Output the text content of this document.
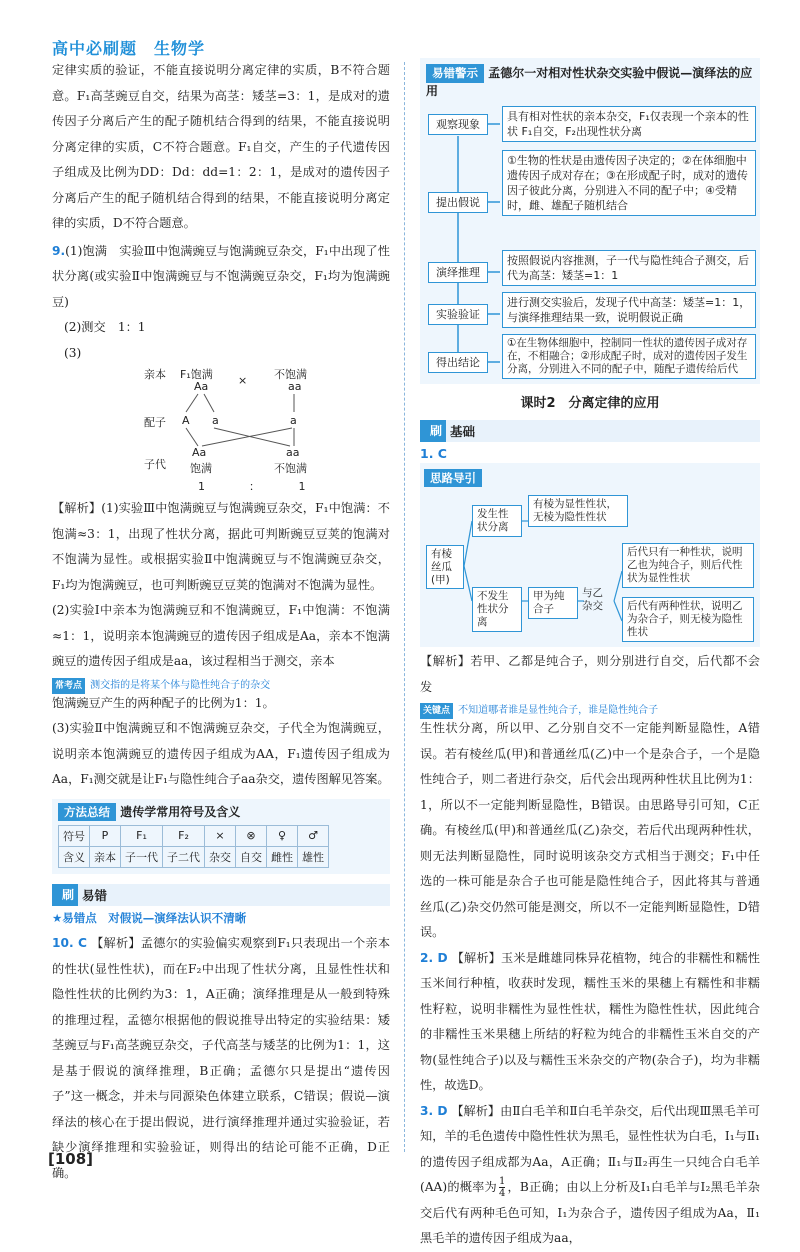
高中必刷题　生物学

定律实质的验证，不能直接说明分离定律的实质，B不符合题意。F₁高茎豌豆自交，结果为高茎：矮茎=3：1，是成对的遗传因子分离后产生的配子随机结合得到的结果，不能直接说明分离定律的实质，C不符合题意。F₁自交，产生的子代遗传因子组成及比例为DD：Dd：dd=1：2：1，是成对的遗传因子分离后产生的配子随机结合得到的结果，不能直接说明分离定律的实质，D不符合题意。

9.(1)饱满　实验Ⅲ中饱满豌豆与饱满豌豆杂交，F₁中出现了性状分离(或实验Ⅱ中饱满豌豆与不饱满豌豆杂交，F₁均为饱满豌豆)

(2)测交　1：1

(3)

亲本 F₁饱满
Aa	× 不饱满
aa
配子 A a	a
子代
Aa
饱满
aa
不饱满
1　　　　：　　　　1

【解析】(1)实验Ⅲ中饱满豌豆与饱满豌豆杂交，F₁中饱满：不饱满≈3：1，出现了性状分离，据此可判断豌豆豆荚的饱满对不饱满为显性。或根据实验Ⅱ中饱满豌豆与不饱满豌豆杂交，F₁均为饱满豌豆，也可判断豌豆豆荚的饱满对不饱满为显性。

(2)实验Ⅰ中亲本为饱满豌豆和不饱满豌豆，F₁中饱满：不饱满≈1：1，说明亲本饱满豌豆的遗传因子组成是Aa，亲本不饱满豌豆的遗传因子组成是aa，该过程相当于测交，亲本

常考点 测交指的是将某个体与隐性纯合子的杂交

饱满豌豆产生的两种配子的比例为1：1。

(3)实验Ⅱ中饱满豌豆和不饱满豌豆杂交，子代全为饱满豌豆，说明亲本饱满豌豆的遗传因子组成为AA，F₁遗传因子组成为Aa，F₁测交就是让F₁与隐性纯合子aa杂交，遗传图解见答案。

方法总结 遗传学常用符号及含义
符号	P	F₁	F₂	×	⊗	♀	♂
含义	亲本	子一代	子二代	杂交	自交	雌性	雄性
刷 易错

★易错点　对假说—演绎法认识不清晰

10. C 【解析】孟德尔的实验偏实观察到F₁只表现出一个亲本的性状(显性性状)，而在F₂中出现了性状分离，且显性性状和隐性性状的比例约为3：1，A正确；演绎推理是从一般到特殊的推理过程，孟德尔根据他的假说推导出特定的实验结果：矮茎豌豆与F₁高茎豌豆杂交，子代高茎与矮茎的比例为1：1，这是基于假说的演绎推理，B正确；孟德尔只是提出“遗传因子”这一概念，并未与同源染色体建立联系，C错误；假说—演绎法的核心在于提出假说，进行演绎推理并通过实验验证，若缺少演绎推理和实验验证，则得出的结论可能不正确，D正确。

易错警示 孟德尔一对相对性状杂交实验中假说—演绎法的应用
观察现象
具有相对性状的亲本杂交，F₁仅表现一个亲本的性状 F₁自交，F₂出现性状分离
提出假说
①生物的性状是由遗传因子决定的；②在体细胞中遗传因子成对存在；③在形成配子时，成对的遗传因子彼此分离，分别进入不同的配子中；④受精时，雌、雄配子随机结合
演绎推理
按照假说内容推测，子一代与隐性纯合子测交，后代为高茎：矮茎=1：1
实验验证
进行测交实验后，发现子代中高茎：矮茎=1：1，与演绎推理结果一致，说明假说正确
得出结论
①在生物体细胞中，控制同一性状的遗传因子成对存在，不相融合；②形成配子时，成对的遗传因子发生分离，分别进入不同的配子中，随配子遗传给后代
课时2　分离定律的应用
刷 基础
1. C
思路导引
有棱丝瓜(甲)
发生性状分离
有棱为显性性状，无棱为隐性性状
不发生性状分离
甲为纯合子
与乙杂交
后代只有一种性状，说明乙也为纯合子，则后代性状为显性性状
后代有两种性状，说明乙为杂合子，则无棱为隐性性状

【解析】若甲、乙都是纯合子，则分别进行自交，后代都不会发

关键点 不知道哪者谁是显性纯合子，谁是隐性纯合子

生性状分离，所以甲、乙分别自交不一定能判断显隐性，A错误。若有棱丝瓜(甲)和普通丝瓜(乙)中一个是杂合子，一个是隐性纯合子，则二者进行杂交，后代会出现两种性状且比例为1：1，所以不一定能判断显隐性，B错误。由思路导引可知，C正确。有棱丝瓜(甲)和普通丝瓜(乙)杂交，若后代出现两种性状，则无法判断显隐性，同时说明该杂交方式相当于测交；F₁中任选的一株可能是杂合子也可能是隐性纯合子，因此将其与普通丝瓜(乙)杂交仍然可能是测交，所以不一定能判断显隐性，D错误。

2. D 【解析】玉米是雌雄同株异花植物，纯合的非糯性和糯性玉米间行种植，收获时发现，糯性玉米的果穗上有糯性和非糯性籽粒，说明非糯性为显性性状，糯性为隐性性状，因此纯合的非糯性玉米果穗上所结的籽粒为纯合的非糯性玉米自交的产物(显性纯合子)以及与糯性玉米杂交的产物(杂合子)，均为非糯性，故选D。

3. D 【解析】由Ⅱ白毛羊和Ⅱ白毛羊杂交，后代出现Ⅲ黑毛羊可知，羊的毛色遗传中隐性性状为黑毛，显性性状为白毛，Ⅰ₁与Ⅱ₁的遗传因子组成都为Aa，A正确；Ⅱ₁与Ⅱ₂再生一只纯合白毛羊(AA)的概率为 $\frac{1}{4}$ ，B正确；由以上分析及Ⅰ₁白毛羊与Ⅰ₂黑毛羊杂交后代有两种毛色可知，Ⅰ₁为杂合子，遗传因子组成为Aa，Ⅱ₁黑毛羊的遗传因子组成为aa，

[108]
